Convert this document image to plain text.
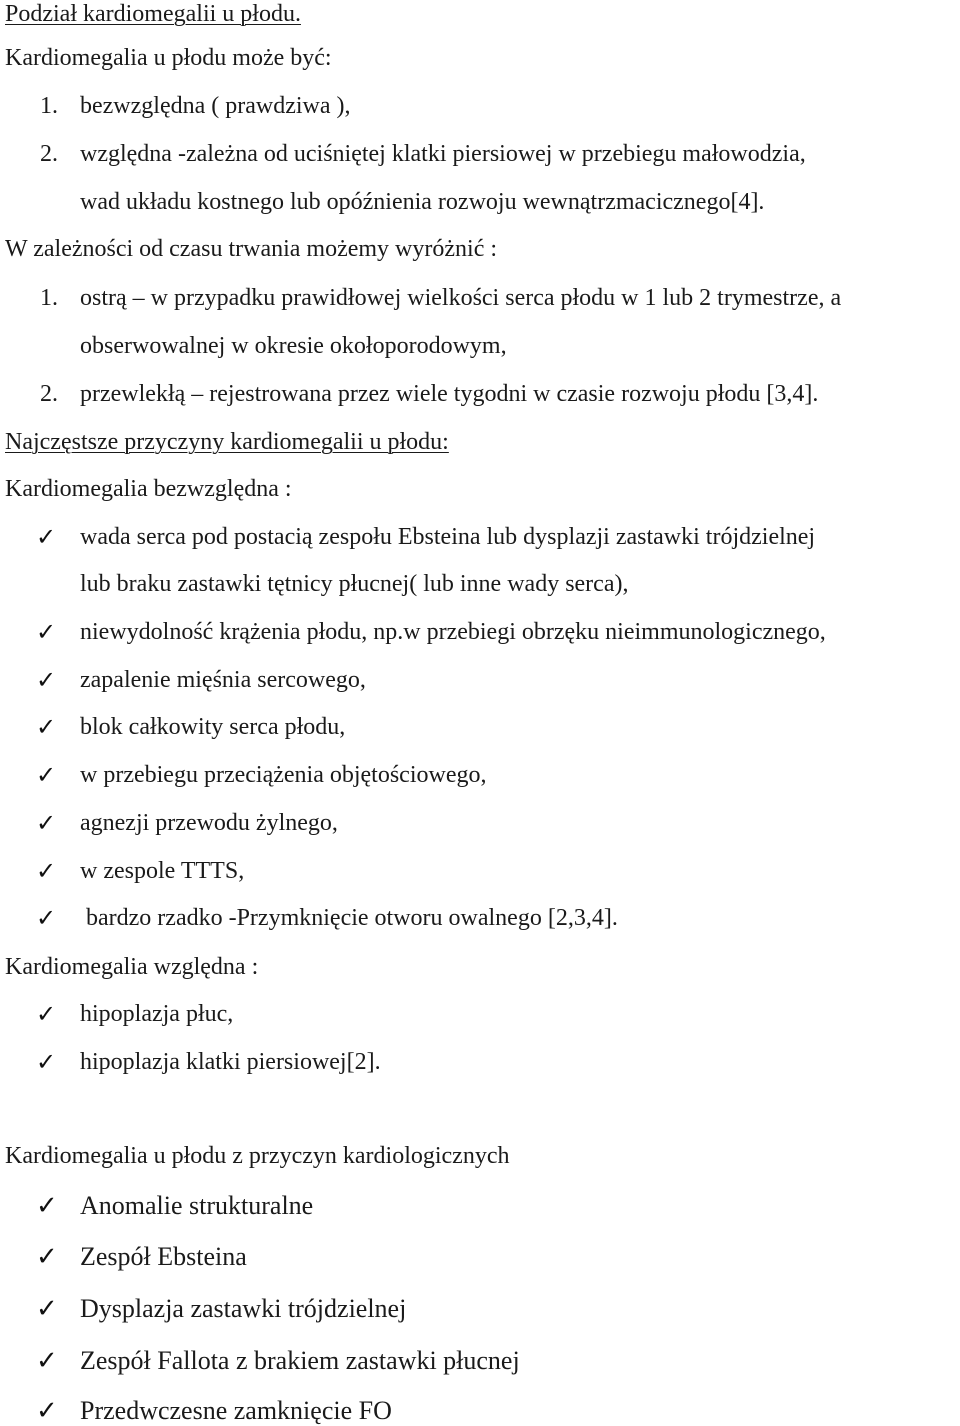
Podział kardiomegalii u płodu.
Kardiomegalia u płodu może być:
1. bezwzględna ( prawdziwa ),
2. względna -zależna od uciśniętej klatki piersiowej w przebiegu małowodzia,
wad układu kostnego lub opóźnienia rozwoju wewnątrzmacicznego[4].
W zależności od czasu trwania możemy wyróżnić :
1. ostrą – w przypadku prawidłowej wielkości serca płodu w 1 lub 2 trymestrze, a
obserwowalnej w okresie okołoporodowym,
2. przewlekłą – rejestrowana przez wiele tygodni w czasie rozwoju płodu [3,4].
Najczęstsze przyczyny kardiomegalii u płodu:
Kardiomegalia bezwzględna :
✓ wada serca pod postacią zespołu Ebsteina lub dysplazji zastawki trójdzielnej
lub braku zastawki tętnicy płucnej( lub inne wady serca),
✓ niewydolność krążenia płodu, np.w przebiegi obrzęku nieimmunologicznego,
✓ zapalenie mięśnia sercowego,
✓ blok całkowity serca płodu,
✓ w przebiegu przeciążenia objętościowego,
✓ agnezji przewodu żylnego,
✓ w zespole TTTS,
✓ bardzo rzadko -Przymknięcie otworu owalnego [2,3,4].
Kardiomegalia względna :
✓ hipoplazja płuc,
✓ hipoplazja klatki piersiowej[2].
Kardiomegalia u płodu z przyczyn kardiologicznych
✓ Anomalie strukturalne
✓ Zespół Ebsteina
✓ Dysplazja zastawki trójdzielnej
✓ Zespół Fallota z brakiem zastawki płucnej
✓ Przedwczesne zamknięcie FO
